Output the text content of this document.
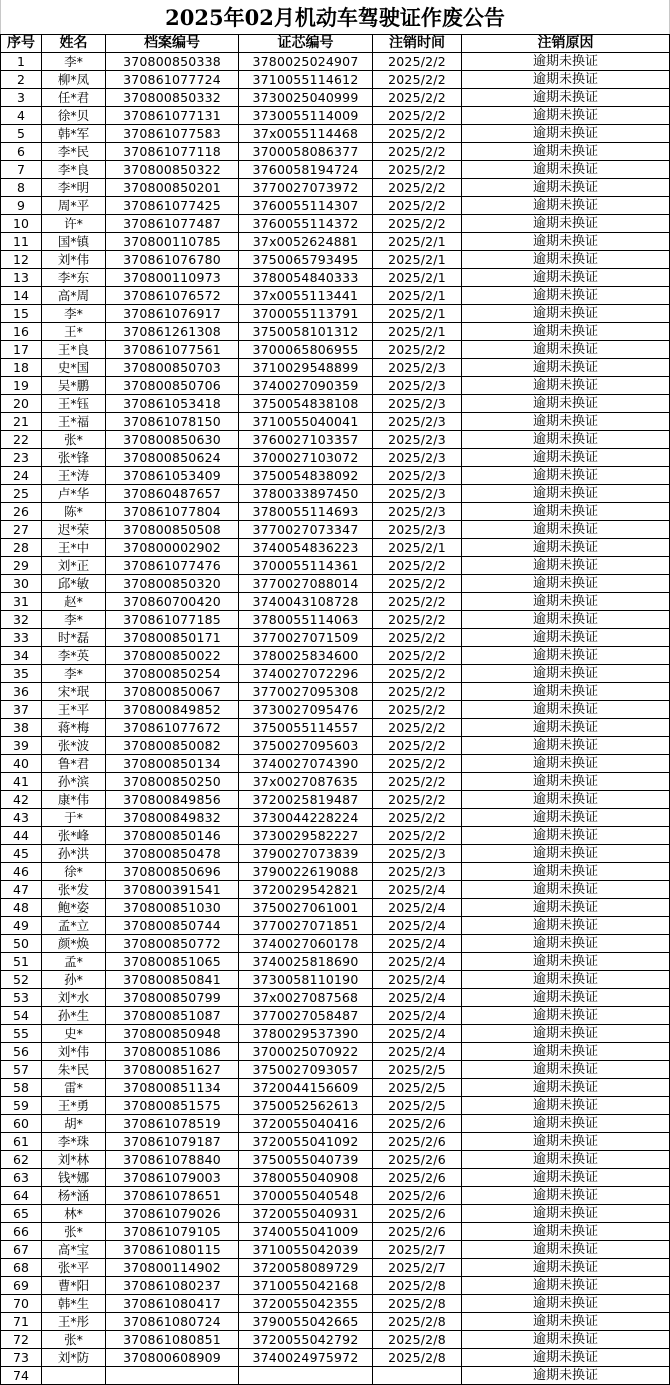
2025年02月机动车驾驶证作废公告
序号	姓名	档案编号	证芯编号	注销时间	注销原因
1	李*	370800850338	3780025024907	2025/2/2	逾期未换证
2	柳*凤	370861077724	3710055114612	2025/2/2	逾期未换证
3	任*君	370800850332	3730025040999	2025/2/2	逾期未换证
4	徐*贝	370861077131	3730055114009	2025/2/2	逾期未换证
5	韩*军	370861077583	37x0055114468	2025/2/2	逾期未换证
6	李*民	370861077118	3700058086377	2025/2/2	逾期未换证
7	李*良	370800850322	3760058194724	2025/2/2	逾期未换证
8	李*明	370800850201	3770027073972	2025/2/2	逾期未换证
9	周*平	370861077425	3760055114307	2025/2/2	逾期未换证
10	许*	370861077487	3760055114372	2025/2/2	逾期未换证
11	国*镇	370800110785	37x0052624881	2025/2/1	逾期未换证
12	刘*伟	370861076780	3750065793495	2025/2/1	逾期未换证
13	李*东	370800110973	3780054840333	2025/2/1	逾期未换证
14	高*周	370861076572	37x0055113441	2025/2/1	逾期未换证
15	李*	370861076917	3700055113791	2025/2/1	逾期未换证
16	王*	370861261308	3750058101312	2025/2/1	逾期未换证
17	王*良	370861077561	3700065806955	2025/2/2	逾期未换证
18	史*国	370800850703	3710029548899	2025/2/3	逾期未换证
19	吴*鹏	370800850706	3740027090359	2025/2/3	逾期未换证
20	王*钰	370861053418	3750054838108	2025/2/3	逾期未换证
21	王*福	370861078150	3710055040041	2025/2/3	逾期未换证
22	张*	370800850630	3760027103357	2025/2/3	逾期未换证
23	张*锋	370800850624	3700027103072	2025/2/3	逾期未换证
24	王*涛	370861053409	3750054838092	2025/2/3	逾期未换证
25	卢*华	370860487657	3780033897450	2025/2/3	逾期未换证
26	陈*	370861077804	3780055114693	2025/2/3	逾期未换证
27	迟*荣	370800850508	3770027073347	2025/2/3	逾期未换证
28	王*中	370800002902	3740054836223	2025/2/1	逾期未换证
29	刘*正	370861077476	3700055114361	2025/2/2	逾期未换证
30	邱*敏	370800850320	3770027088014	2025/2/2	逾期未换证
31	赵*	370860700420	3740043108728	2025/2/2	逾期未换证
32	李*	370861077185	3780055114063	2025/2/2	逾期未换证
33	时*磊	370800850171	3770027071509	2025/2/2	逾期未换证
34	李*英	370800850022	3780025834600	2025/2/2	逾期未换证
35	李*	370800850254	3740027072296	2025/2/2	逾期未换证
36	宋*珉	370800850067	3770027095308	2025/2/2	逾期未换证
37	王*平	370800849852	3730027095476	2025/2/2	逾期未换证
38	蒋*梅	370861077672	3750055114557	2025/2/2	逾期未换证
39	张*波	370800850082	3750027095603	2025/2/2	逾期未换证
40	鲁*君	370800850134	3740027074390	2025/2/2	逾期未换证
41	孙*滨	370800850250	37x0027087635	2025/2/2	逾期未换证
42	康*伟	370800849856	3720025819487	2025/2/2	逾期未换证
43	于*	370800849832	3730044228224	2025/2/2	逾期未换证
44	张*峰	370800850146	3730029582227	2025/2/2	逾期未换证
45	孙*洪	370800850478	3790027073839	2025/2/3	逾期未换证
46	徐*	370800850696	3790022619088	2025/2/3	逾期未换证
47	张*发	370800391541	3720029542821	2025/2/4	逾期未换证
48	鲍*姿	370800851030	3750027061001	2025/2/4	逾期未换证
49	孟*立	370800850744	3770027071851	2025/2/4	逾期未换证
50	颜*焕	370800850772	3740027060178	2025/2/4	逾期未换证
51	孟*	370800851065	3740025818690	2025/2/4	逾期未换证
52	孙*	370800850841	3730058110190	2025/2/4	逾期未换证
53	刘*水	370800850799	37x0027087568	2025/2/4	逾期未换证
54	孙*生	370800851087	3770027058487	2025/2/4	逾期未换证
55	史*	370800850948	3780029537390	2025/2/4	逾期未换证
56	刘*伟	370800851086	3700025070922	2025/2/4	逾期未换证
57	朱*民	370800851627	3750027093057	2025/2/5	逾期未换证
58	雷*	370800851134	3720044156609	2025/2/5	逾期未换证
59	王*勇	370800851575	3750052562613	2025/2/5	逾期未换证
60	胡*	370861078519	3720055040416	2025/2/6	逾期未换证
61	李*珠	370861079187	3720055041092	2025/2/6	逾期未换证
62	刘*林	370861078840	3750055040739	2025/2/6	逾期未换证
63	钱*娜	370861079003	3780055040908	2025/2/6	逾期未换证
64	杨*涵	370861078651	3700055040548	2025/2/6	逾期未换证
65	林*	370861079026	3720055040931	2025/2/6	逾期未换证
66	张*	370861079105	3740055041009	2025/2/6	逾期未换证
67	高*宝	370861080115	3710055042039	2025/2/7	逾期未换证
68	张*平	370800114902	3720058089729	2025/2/7	逾期未换证
69	曹*阳	370861080237	3710055042168	2025/2/8	逾期未换证
70	韩*生	370861080417	3720055042355	2025/2/8	逾期未换证
71	王*彤	370861080724	3790055042665	2025/2/8	逾期未换证
72	张*	370861080851	3720055042792	2025/2/8	逾期未换证
73	刘*防	370800608909	3740024975972	2025/2/8	逾期未换证
74					逾期未换证
